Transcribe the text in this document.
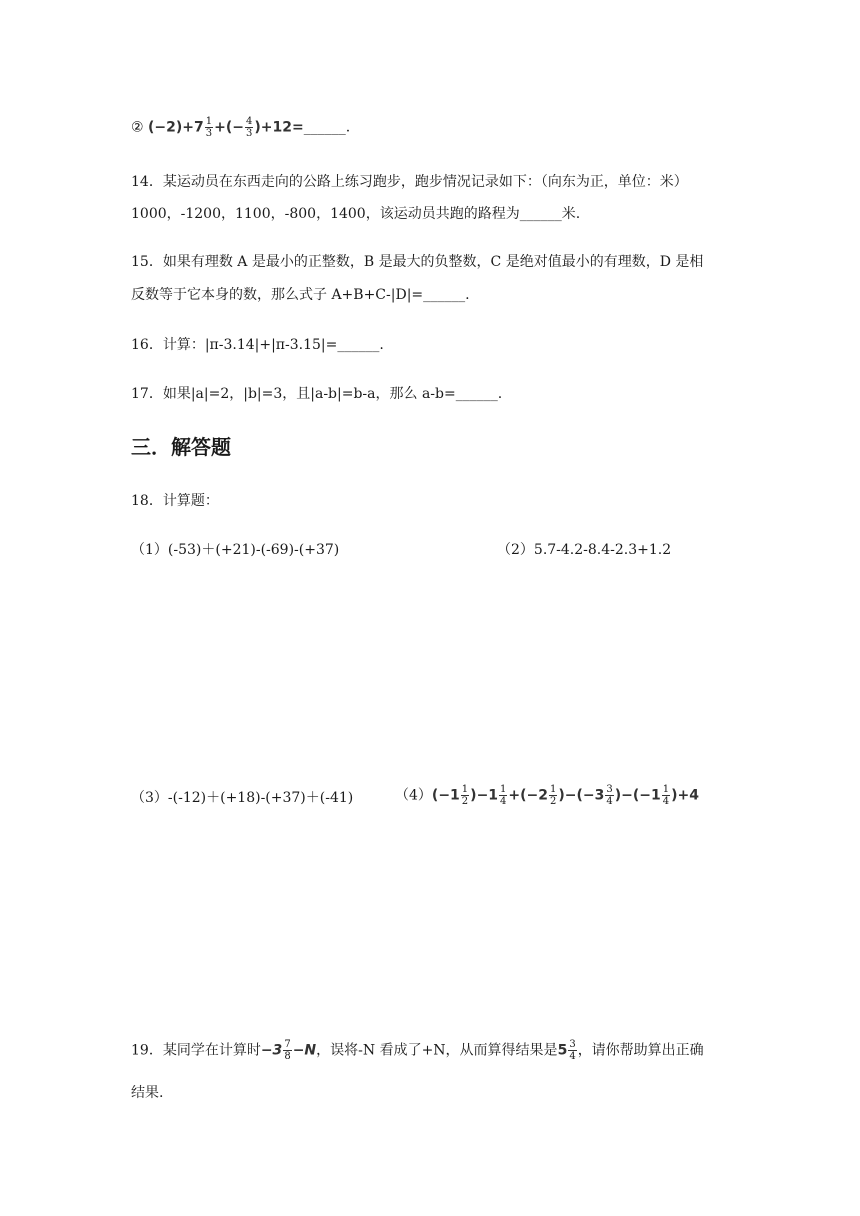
② $(-2)+7 \frac{1}{3}$ +(− $\frac{4}{3}$ )+12=______.
14．某运动员在东西走向的公路上练习跑步，跑步情况记录如下：（向东为正，单位：米）
1000，-1200，1100，-800，1400，该运动员共跑的路程为______米.
15．如果有理数 A 是最小的正整数，B 是最大的负整数，C 是绝对值最小的有理数，D 是相
反数等于它本身的数，那么式子 A+B+C-|D|=______.
16．计算：|π-3.14|+|π-3.15|=______.
17．如果|a|=2，|b|=3，且|a-b|=b-a，那么 a-b=______.
三．解答题
18．计算题：
（1）(-53)＋(+21)-(-69)-(+37)	（2）5.7-4.2-8.4-2.3+1.2
（3）-(-12)＋(+18)-(+37)＋(-41)	$(4)(-1 \frac{1}{2} )-1 \frac{1}{4} +(-2 \frac{1}{2} )-(-3 \frac{3}{4} )-(-1 \frac{1}{4} )+4$
19．某同学在计算时$-3 \frac{7}{8} -N$，误将-N 看成了+N，从而算得结果是$5 \frac{3}{4}$ ，请你帮助算出正确
结果.
